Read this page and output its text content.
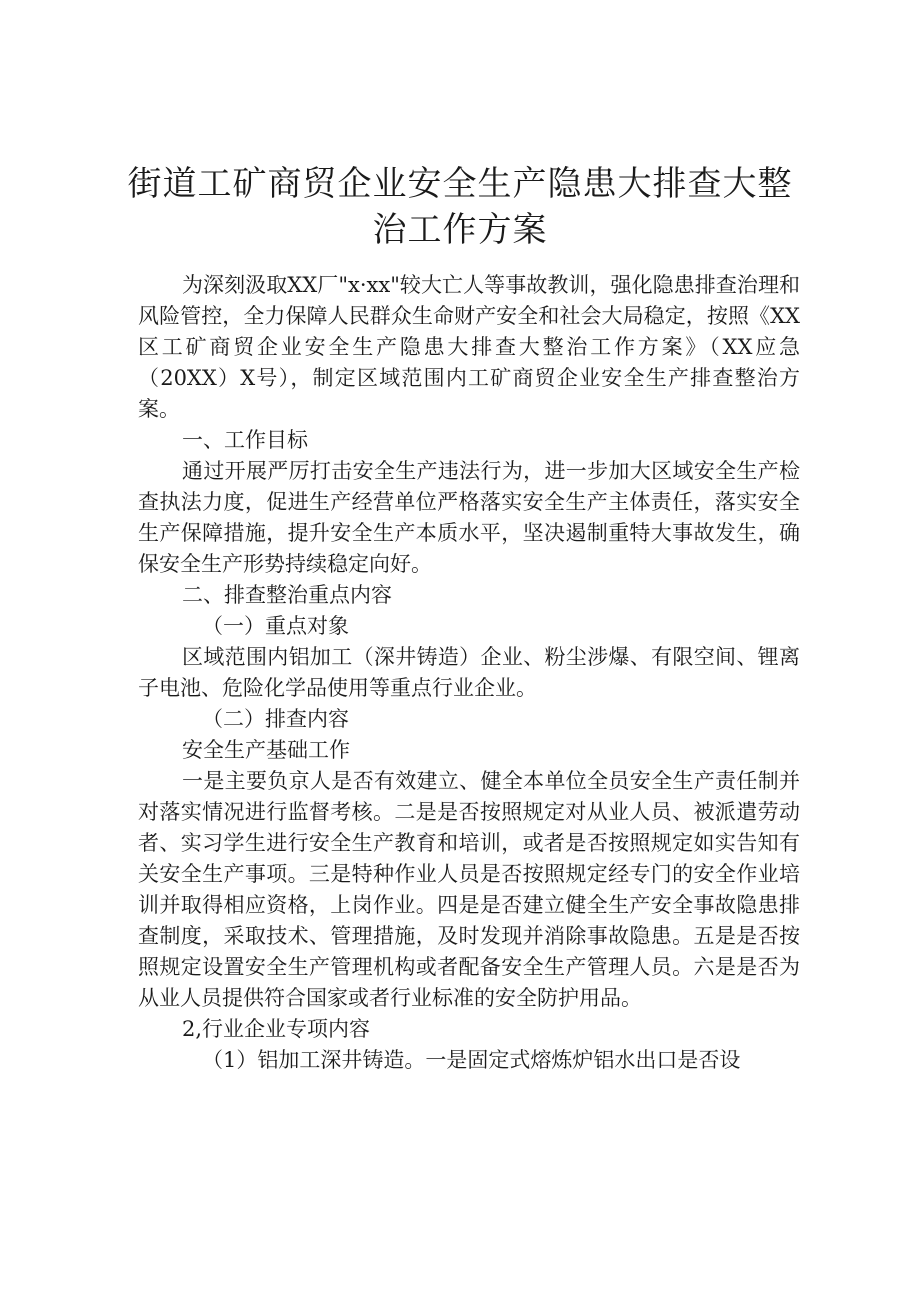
街道工矿商贸企业安全生产隐患大排查大整
治工作方案

为深刻汲取XX厂"x·xx"较大亡人等事故教训，强化隐患排查治理和风险管控，全力保障人民群众生命财产安全和社会大局稳定，按照《XX区工矿商贸企业安全生产隐患大排查大整治工作方案》（XX应急（20XX）X号），制定区域范围内工矿商贸企业安全生产排查整治方案。

一、工作目标

通过开展严厉打击安全生产违法行为，进一步加大区域安全生产检查执法力度，促进生产经营单位严格落实安全生产主体责任，落实安全生产保障措施，提升安全生产本质水平，坚决遏制重特大事故发生，确保安全生产形势持续稳定向好。

二、排查整治重点内容

（一）重点对象

区域范围内铝加工（深井铸造）企业、粉尘涉爆、有限空间、锂离子电池、危险化学品使用等重点行业企业。

（二）排查内容

安全生产基础工作

一是主要负京人是否有效建立、健全本单位全员安全生产责任制并对落实情况进行监督考核。二是是否按照规定对从业人员、被派遣劳动者、实习学生进行安全生产教育和培训，或者是否按照规定如实告知有关安全生产事项。三是特种作业人员是否按照规定经专门的安全作业培训并取得相应资格，上岗作业。四是是否建立健全生产安全事故隐患排查制度，采取技术、管理措施，及时发现并消除事故隐患。五是是否按照规定设置安全生产管理机构或者配备安全生产管理人员。六是是否为从业人员提供符合国家或者行业标准的安全防护用品。

2,行业企业专项内容

（1）铝加工深井铸造。一是固定式熔炼炉铝水出口是否设
